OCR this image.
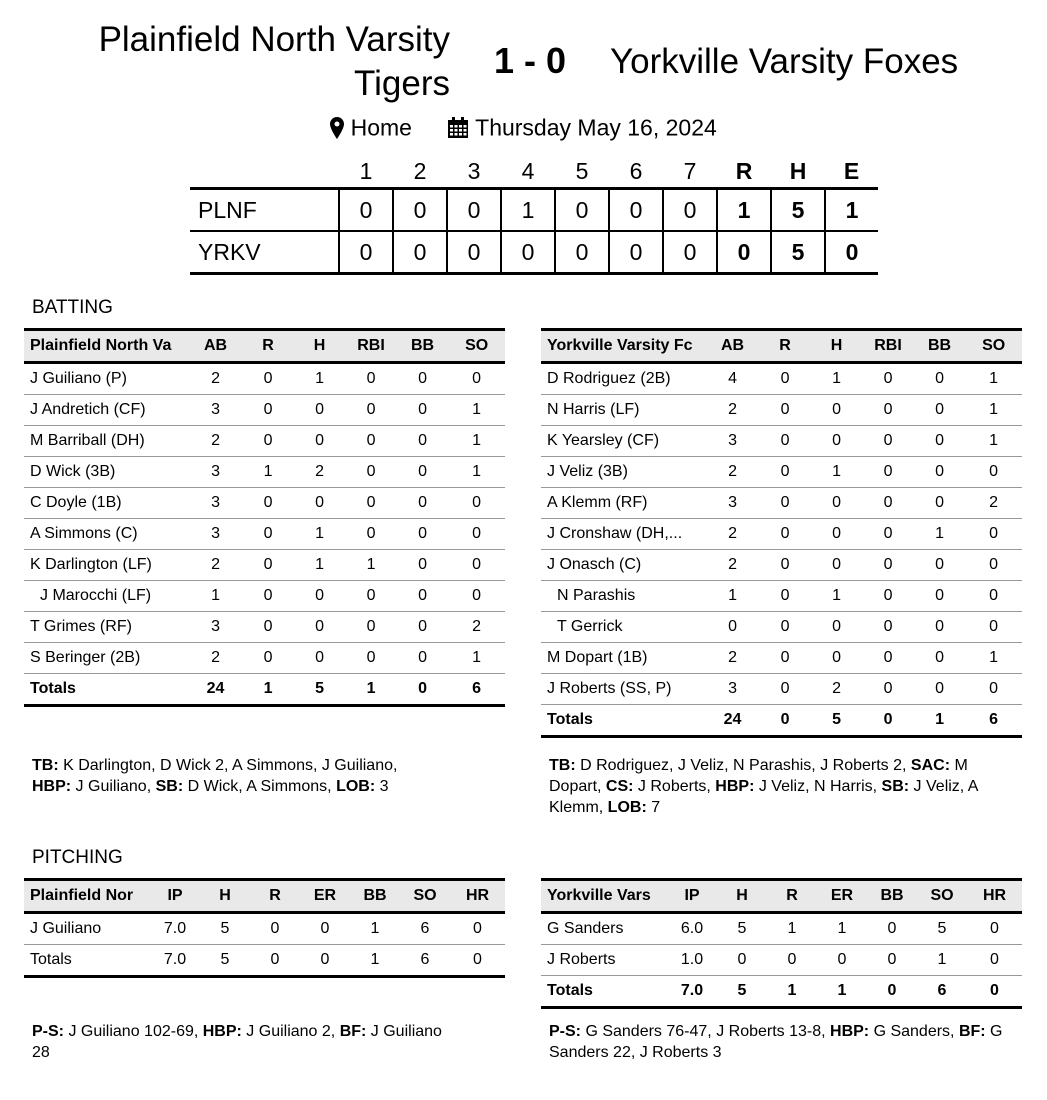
Plainfield North Varsity Tigers
1 - 0	Yorkville Varsity Foxes
Home	Thursday May 16, 2024
	1	2	3	4	5	6	7	R	H	E
PLNF	0	0	0	1	0	0	0	1	5	1
YRKV	0	0	0	0	0	0	0	0	5	0
BATTING
Plainfield North Va	AB	R	H	RBI	BB	SO
J Guiliano (P)	2	0	1	0	0	0
J Andretich (CF)	3	0	0	0	0	1
M Barriball (DH)	2	0	0	0	0	1
D Wick (3B)	3	1	2	0	0	1
C Doyle (1B)	3	0	0	0	0	0
A Simmons (C)	3	0	1	0	0	0
K Darlington (LF)	2	0	1	1	0	0
J Marocchi (LF)	1	0	0	0	0	0
T Grimes (RF)	3	0	0	0	0	2
S Beringer (2B)	2	0	0	0	0	1
Totals	24	1	5	1	0	6
Yorkville Varsity Fc	AB	R	H	RBI	BB	SO
D Rodriguez (2B)	4	0	1	0	0	1
N Harris (LF)	2	0	0	0	0	1
K Yearsley (CF)	3	0	0	0	0	1
J Veliz (3B)	2	0	1	0	0	0
A Klemm (RF)	3	0	0	0	0	2
J Cronshaw (DH,...	2	0	0	0	1	0
J Onasch (C)	2	0	0	0	0	0
N Parashis	1	0	1	0	0	0
T Gerrick	0	0	0	0	0	0
M Dopart (1B)	2	0	0	0	0	1
J Roberts (SS, P)	3	0	2	0	0	0
Totals	24	0	5	0	1	6
TB: K Darlington, D Wick 2, A Simmons, J Guiliano,
HBP: J Guiliano, SB: D Wick, A Simmons, LOB: 3
TB: D Rodriguez, J Veliz, N Parashis, J Roberts 2, SAC: M Dopart, CS: J Roberts, HBP: J Veliz, N Harris, SB: J Veliz, A Klemm, LOB: 7
PITCHING
Plainfield Nor	IP	H	R	ER	BB	SO	HR
J Guiliano	7.0	5	0	0	1	6	0
Totals	7.0	5	0	0	1	6	0
Yorkville Vars	IP	H	R	ER	BB	SO	HR
G Sanders	6.0	5	1	1	0	5	0
J Roberts	1.0	0	0	0	0	1	0
Totals	7.0	5	1	1	0	6	0
P-S: J Guiliano 102-69, HBP: J Guiliano 2, BF: J Guiliano 28
P-S: G Sanders 76-47, J Roberts 13-8, HBP: G Sanders, BF: G Sanders 22, J Roberts 3
